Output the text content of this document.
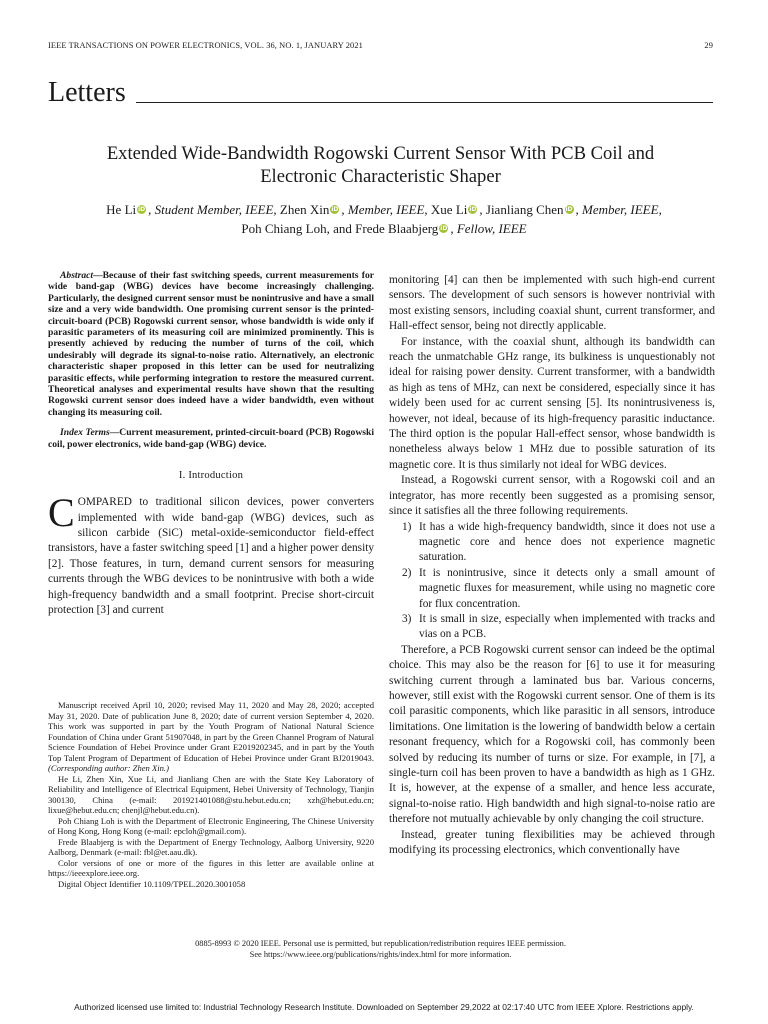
IEEE TRANSACTIONS ON POWER ELECTRONICS, VOL. 36, NO. 1, JANUARY 2021	29
Letters
Extended Wide-Bandwidth Rogowski Current Sensor With PCB Coil and
Electronic Characteristic Shaper
He Li iD , Student Member, IEEE, Zhen Xin iD , Member, IEEE, Xue Li iD , Jianliang Chen iD , Member, IEEE,
Poh Chiang Loh, and Frede Blaabjerg iD , Fellow, IEEE

Abstract—Because of their fast switching speeds, current measurements for wide band-gap (WBG) devices have become increasingly challenging. Particularly, the designed current sensor must be nonintrusive and have a small size and a very wide bandwidth. One promising current sensor is the printed-circuit-board (PCB) Rogowski current sensor, whose bandwidth is wide only if parasitic parameters of its measuring coil are minimized prominently. This is presently achieved by reducing the number of turns of the coil, which undesirably will degrade its signal-to-noise ratio. Alternatively, an electronic characteristic shaper proposed in this letter can be used for neutralizing parasitic effects, while performing integration to restore the measured current. Theoretical analyses and experimental results have shown that the resulting Rogowski current sensor does indeed have a wider bandwidth, even without changing its measuring coil.

Index Terms—Current measurement, printed-circuit-board (PCB) Rogowski coil, power electronics, wide band-gap (WBG) device.

I. Introduction

COMPARED to traditional silicon devices, power converters implemented with wide band-gap (WBG) devices, such as silicon carbide (SiC) metal-oxide-semiconductor field-effect transistors, have a faster switching speed [1] and a higher power density [2]. Those features, in turn, demand current sensors for measuring currents through the WBG devices to be nonintrusive with both a wide high-frequency bandwidth and a small footprint. Precise short-circuit protection [3] and current

Manuscript received April 10, 2020; revised May 11, 2020 and May 28, 2020; accepted May 31, 2020. Date of publication June 8, 2020; date of current version September 4, 2020. This work was supported in part by the Youth Program of National Natural Science Foundation of China under Grant 51907048, in part by the Green Channel Program of Natural Science Foundation of Hebei Province under Grant E2019202345, and in part by the Youth Top Talent Program of Department of Education of Hebei Province under Grant BJ2019043. (Corresponding author: Zhen Xin.)

He Li, Zhen Xin, Xue Li, and Jianliang Chen are with the State Key Laboratory of Reliability and Intelligence of Electrical Equipment, Hebei University of Technology, Tianjin 300130, China (e-mail: 201921401088@stu.hebut.edu.cn; xzh@hebut.edu.cn; lixue@hebut.edu.cn; chenjl@hebut.edu.cn).

Poh Chiang Loh is with the Department of Electronic Engineering, The Chinese University of Hong Kong, Hong Kong (e-mail: epcloh@gmail.com).

Frede Blaabjerg is with the Department of Energy Technology, Aalborg University, 9220 Aalborg, Denmark (e-mail: fbl@et.aau.dk).

Color versions of one or more of the figures in this letter are available online at https://ieeexplore.ieee.org.

Digital Object Identifier 10.1109/TPEL.2020.3001058

monitoring [4] can then be implemented with such high-end current sensors. The development of such sensors is however nontrivial with most existing sensors, including coaxial shunt, current transformer, and Hall-effect sensor, being not directly applicable.

For instance, with the coaxial shunt, although its bandwidth can reach the unmatchable GHz range, its bulkiness is unquestionably not ideal for raising power density. Current transformer, with a bandwidth as high as tens of MHz, can next be considered, especially since it has widely been used for ac current sensing [5]. Its nonintrusiveness is, however, not ideal, because of its high-frequency parasitic inductance. The third option is the popular Hall-effect sensor, whose bandwidth is nonetheless always below 1 MHz due to possible saturation of its magnetic core. It is thus similarly not ideal for WBG devices.

Instead, a Rogowski current sensor, with a Rogowski coil and an integrator, has more recently been suggested as a promising sensor, since it satisfies all the three following requirements.

1) It has a wide high-frequency bandwidth, since it does not use a magnetic core and hence does not experience magnetic saturation.
2) It is nonintrusive, since it detects only a small amount of magnetic fluxes for measurement, while using no magnetic core for flux concentration.
3) It is small in size, especially when implemented with tracks and vias on a PCB.

Therefore, a PCB Rogowski current sensor can indeed be the optimal choice. This may also be the reason for [6] to use it for measuring switching current through a laminated bus bar. Various concerns, however, still exist with the Rogowski current sensor. One of them is its coil parasitic components, which like parasitic in all sensors, introduce limitations. One limitation is the lowering of bandwidth below a certain resonant frequency, which for a Rogowski coil, has commonly been solved by reducing its number of turns or size. For example, in [7], a single-turn coil has been proven to have a bandwidth as high as 1 GHz. It is, however, at the expense of a smaller, and hence less accurate, signal-to-noise ratio. High bandwidth and high signal-to-noise ratio are therefore not mutually achievable by only changing the coil structure.

Instead, greater tuning flexibilities may be achieved through modifying its processing electronics, which conventionally have

0885-8993 © 2020 IEEE. Personal use is permitted, but republication/redistribution requires IEEE permission.
See https://www.ieee.org/publications/rights/index.html for more information.
Authorized licensed use limited to: Industrial Technology Research Institute. Downloaded on September 29,2022 at 02:17:40 UTC from IEEE Xplore. Restrictions apply.
